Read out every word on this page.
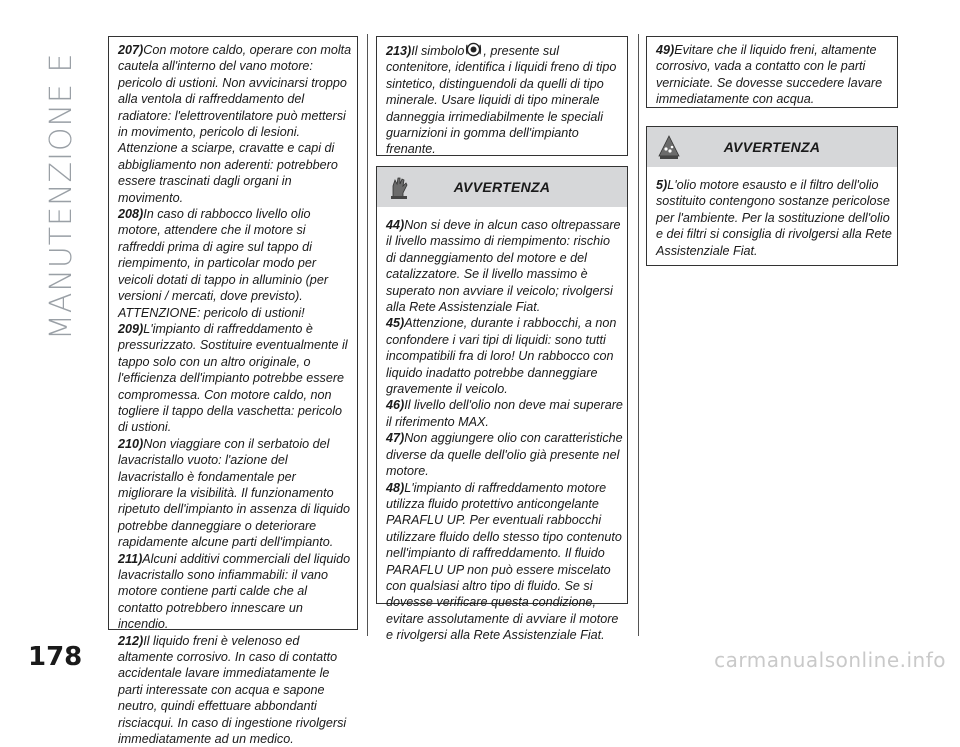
MANUTENZIONE E
178

207)Con motore caldo, operare con molta cautela all'interno del vano motore: pericolo di ustioni. Non avvicinarsi troppo alla ventola di raffreddamento del radiatore: l'elettroventilatore può mettersi in movimento, pericolo di lesioni. Attenzione a sciarpe, cravatte e capi di abbigliamento non aderenti: potrebbero essere trascinati dagli organi in movimento.

208)In caso di rabbocco livello olio motore, attendere che il motore si raffreddi prima di agire sul tappo di riempimento, in particolar modo per veicoli dotati di tappo in alluminio (per versioni / mercati, dove previsto). ATTENZIONE: pericolo di ustioni!

209)L'impianto di raffreddamento è pressurizzato. Sostituire eventualmente il tappo solo con un altro originale, o l'efficienza dell'impianto potrebbe essere compromessa. Con motore caldo, non togliere il tappo della vaschetta: pericolo di ustioni.

210)Non viaggiare con il serbatoio del lavacristallo vuoto: l'azione del lavacristallo è fondamentale per migliorare la visibilità. Il funzionamento ripetuto dell'impianto in assenza di liquido potrebbe danneggiare o deteriorare rapidamente alcune parti dell'impianto.

211)Alcuni additivi commerciali del liquido lavacristallo sono infiammabili: il vano motore contiene parti calde che al contatto potrebbero innescare un incendio.

212)Il liquido freni è velenoso ed altamente corrosivo. In caso di contatto accidentale lavare immediatamente le parti interessate con acqua e sapone neutro, quindi effettuare abbondanti risciacqui. In caso di ingestione rivolgersi immediatamente ad un medico.

213)Il simbolo , presente sul contenitore, identifica i liquidi freno di tipo sintetico, distinguendoli da quelli di tipo minerale. Usare liquidi di tipo minerale danneggia irrimediabilmente le speciali guarnizioni in gomma dell'impianto frenante.

AVVERTENZA

44)Non si deve in alcun caso oltrepassare il livello massimo di riempimento: rischio di danneggiamento del motore e del catalizzatore. Se il livello massimo è superato non avviare il veicolo; rivolgersi alla Rete Assistenziale Fiat.

45)Attenzione, durante i rabbocchi, a non confondere i vari tipi di liquidi: sono tutti incompatibili fra di loro! Un rabbocco con liquido inadatto potrebbe danneggiare gravemente il veicolo.

46)Il livello dell'olio non deve mai superare il riferimento MAX.

47)Non aggiungere olio con caratteristiche diverse da quelle dell'olio già presente nel motore.

48)L'impianto di raffreddamento motore utilizza fluido protettivo anticongelante PARAFLU UP. Per eventuali rabbocchi utilizzare fluido dello stesso tipo contenuto nell'impianto di raffreddamento. Il fluido PARAFLU UP non può essere miscelato con qualsiasi altro tipo di fluido. Se si dovesse verificare questa condizione, evitare assolutamente di avviare il motore e rivolgersi alla Rete Assistenziale Fiat.

49)Evitare che il liquido freni, altamente corrosivo, vada a contatto con le parti verniciate. Se dovesse succedere lavare immediatamente con acqua.

AVVERTENZA

5)L'olio motore esausto e il filtro dell'olio sostituito contengono sostanze pericolose per l'ambiente. Per la sostituzione dell'olio e dei filtri si consiglia di rivolgersi alla Rete Assistenziale Fiat.

carmanualsonline.info
